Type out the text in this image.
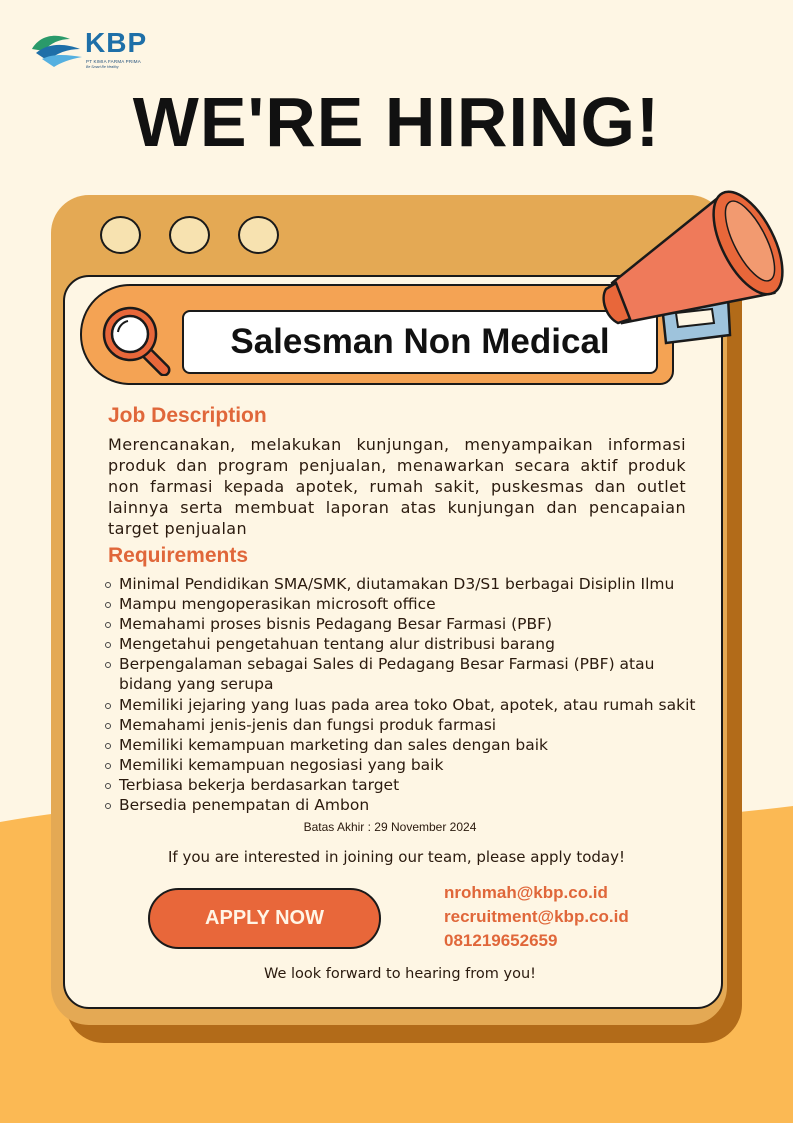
KBP
PT KIMIA FARMA PRIMA
Be Smart Be Healthy
WE'RE HIRING!
Salesman Non Medical
Job Description
Merencanakan, melakukan kunjungan, menyampaikan informasi produk dan program penjualan, menawarkan secara aktif produk non farmasi kepada apotek, rumah sakit, puskesmas dan outlet lainnya serta membuat laporan atas kunjungan dan pencapaian target penjualan
Requirements
Minimal Pendidikan SMA/SMK, diutamakan D3/S1 berbagai Disiplin Ilmu
Mampu mengoperasikan microsoft office
Memahami proses bisnis Pedagang Besar Farmasi (PBF)
Mengetahui pengetahuan tentang alur distribusi barang
Berpengalaman sebagai Sales di Pedagang Besar Farmasi (PBF) atau bidang yang serupa
Memiliki jejaring yang luas pada area toko Obat, apotek, atau rumah sakit
Memahami jenis-jenis dan fungsi produk farmasi
Memiliki kemampuan marketing dan sales dengan baik
Memiliki kemampuan negosiasi yang baik
Terbiasa bekerja berdasarkan target
Bersedia penempatan di Ambon
Batas Akhir : 29 November 2024
If you are interested in joining our team, please apply today!
APPLY NOW
nrohmah@kbp.co.id
recruitment@kbp.co.id
081219652659
We look forward to hearing from you!
